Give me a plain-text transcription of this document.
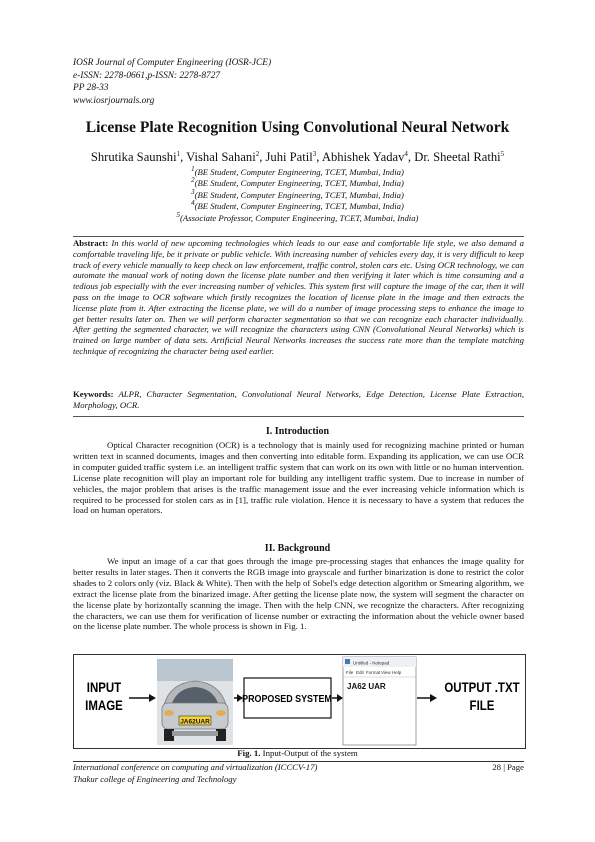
IOSR Journal of Computer Engineering (IOSR-JCE)
e-ISSN: 2278-0661,p-ISSN: 2278-8727
PP 28-33
www.iosrjournals.org
License Plate Recognition Using Convolutional Neural Network
Shrutika Saunshi$^1$, Vishal Sahani$^2$, Juhi Patil$^3$, Abhishek Yadav$^4$, Dr. Sheetal Rathi$^5$
$^1$(BE Student, Computer Engineering, TCET, Mumbai, India)
$^2$(BE Student, Computer Engineering, TCET, Mumbai, India)
$^3$(BE Student, Computer Engineering, TCET, Mumbai, India)
$^4$(BE Student, Computer Engineering, TCET, Mumbai, India)
$^5$(Associate Professor, Computer Engineering, TCET, Mumbai, India)
Abstract: In this world of new upcoming technologies which leads to our ease and comfortable life style, we also demand a comfortable traveling life, be it private or public vehicle. With increasing number of vehicles every day, it is very difficult to keep track of every vehicle manually to keep check on law enforcement, traffic control, stolen cars etc. Using OCR technology, we can automate the manual work of noting down the license plate number and then verifying it later which is time consuming and a tedious job especially with the ever increasing number of vehicles. This system first will capture the image of the car, then it will pass on the image to OCR software which firstly recognizes the location of license plate in the image and then extracts the license plate from it. After extracting the license plate, we will do a number of image processing steps to enhance the image to get better results later on. Then we will perform character segmentation so that we can recognize each character individually. After getting the segmented character, we will recognize the characters using CNN (Convolutional Neural Networks) which is trained on large number of data sets. Artificial Neural Networks increases the success rate more than the template matching technique of recognizing the character being used earlier.
Keywords: ALPR, Character Segmentation, Convolutional Neural Networks, Edge Detection, License Plate Extraction, Morphology, OCR.
I. Introduction
Optical Character recognition (OCR) is a technology that is mainly used for recognizing machine printed or human written text in scanned documents, images and then converting into editable form. Expanding its application, we can use OCR in computer guided traffic system i.e. an intelligent traffic system that can work on its own with little or no human intervention. License plate recognition will play an important role for building any intelligent traffic system. Due to increase in number of vehicles, the major problem that arises is the traffic management issue and the ever increasing vehicle information which is required to be processed for stolen cars as in [1], traffic rule violation. Hence it is necessary to have a system that reduces the load on human operators.
II. Background
We input an image of a car that goes through the image pre-processing stages that enhances the image quality for better results in later stages. Then it converts the RGB image into grayscale and further binarization is done to restrict the color shades to 2 colors only (viz. Black & White). Then with the help of Sobel's edge detection algorithm or Smearing algorithm, we extract the license plate from the binarized image. After getting the license plate now, the system will segment the character on the license plate by horizontally scanning the image. Then with the help CNN, we recognize the characters. After recognizing the characters, we can use them for verification of license number or extracting the information about the vehicle owner based on the license plate number. The whole process is shown in Fig. 1.
INPUT
IMAGE
JA62UAR
PROPOSED SYSTEM
Untitled - Notepad
File Edit Format View Help
JA62 UAR	OUTPUT .TXT
FILE
Fig. 1. Input-Output of the system
International conference on computing and virtualization (ICCCV-17)
Thakur college of Engineering and Technology
28 | Page
